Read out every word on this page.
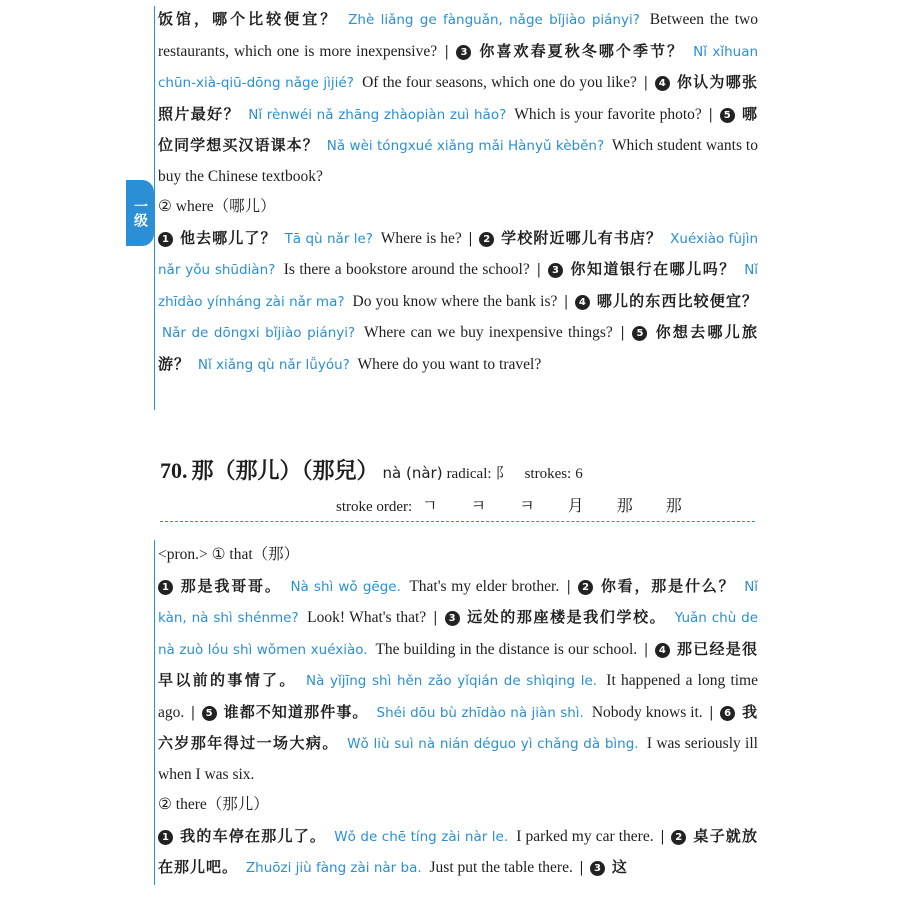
一级
饭馆，哪个比较便宜？ Zhè liǎng ge fànguǎn, nǎge bǐjiào piányi? Between the two restaurants, which one is more inexpensive? | 3 你喜欢春夏秋冬哪个季节？ Nǐ xǐhuan chūn-xià-qiū-dōng nǎge jìjié? Of the four seasons, which one do you like? | 4 你认为哪张照片最好？ Nǐ rènwéi nǎ zhāng zhàopiàn zuì hǎo? Which is your favorite photo? | 5 哪位同学想买汉语课本？ Nǎ wèi tóngxué xiǎng mǎi Hànyǔ kèběn? Which student wants to buy the Chinese textbook?
② where（哪儿）
1 他去哪儿了？ Tā qù nǎr le? Where is he? | 2 学校附近哪儿有书店？ Xuéxiào fùjìn nǎr yǒu shūdiàn? Is there a bookstore around the school? | 3 你知道银行在哪儿吗？ Nǐ zhīdào yínháng zài nǎr ma? Do you know where the bank is? | 4 哪儿的东西比较便宜？ Nǎr de dōngxi bǐjiào piányi? Where can we buy inexpensive things? | 5 你想去哪儿旅游？ Nǐ xiǎng qù nǎr lǚyóu? Where do you want to travel?
70. 那（那儿）（那兒） nà (nàr) radical: 阝 strokes: 6
stroke order: ㄱ ㅋ ㅋ 月 那 那
<pron.> ① that（那）
1 那是我哥哥。 Nà shì wǒ gēge. That's my elder brother. | 2 你看，那是什么？ Nǐ kàn, nà shì shénme? Look! What's that? | 3 远处的那座楼是我们学校。 Yuǎn chù de nà zuò lóu shì wǒmen xuéxiào. The building in the distance is our school. | 4 那已经是很早以前的事情了。 Nà yǐjīng shì hěn zǎo yǐqián de shìqing le. It happened a long time ago. | 5 谁都不知道那件事。 Shéi dōu bù zhīdào nà jiàn shì. Nobody knows it. | 6 我六岁那年得过一场大病。 Wǒ liù suì nà nián déguo yì chǎng dà bìng. I was seriously ill when I was six.
② there（那儿）
1 我的车停在那儿了。 Wǒ de chē tíng zài nàr le. I parked my car there. | 2 桌子就放在那儿吧。 Zhuōzi jiù fàng zài nàr ba. Just put the table there. | 3 这
